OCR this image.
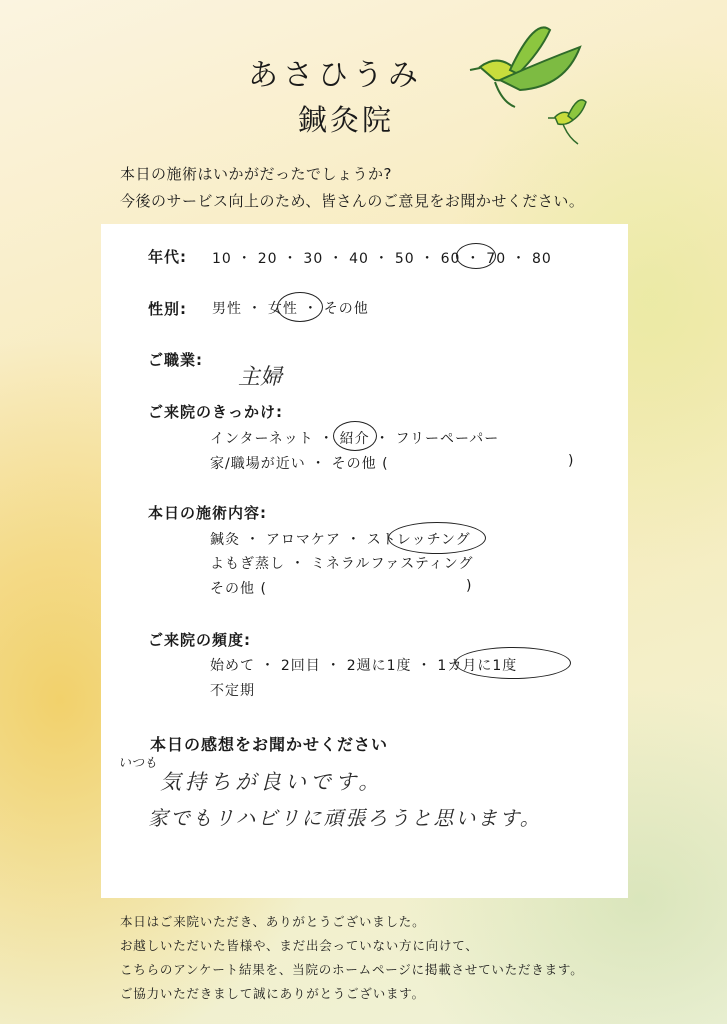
あさひうみ
鍼灸院
本日の施術はいかがだったでしょうか?
今後のサービス向上のため、皆さんのご意見をお聞かせください。
年代: 10 ・ 20 ・ 30 ・ 40 ・ 50 ・ 60 ・ 70 ・ 80
性別: 男性 ・ 女性 ・ その他
ご職業:
主婦
ご来院のきっかけ:
インターネット ・ 紹介 ・ フリーペーパー
家/職場が近い ・ その他 (	)
本日の施術内容:
鍼灸 ・ アロマケア ・ ストレッチング
よもぎ蒸し ・ ミネラルファスティング
その他 (	)
ご来院の頻度:
始めて ・ 2回目 ・ 2週に1度 ・ 1カ月に1度
不定期
本日の感想をお聞かせください
いつも
気持ちが良いです。
家でもリハビリに頑張ろうと思います。
本日はご来院いただき、ありがとうございました。
お越しいただいた皆様や、まだ出会っていない方に向けて、
こちらのアンケート結果を、当院のホームページに掲載させていただきます。
ご協力いただきまして誠にありがとうございます。
